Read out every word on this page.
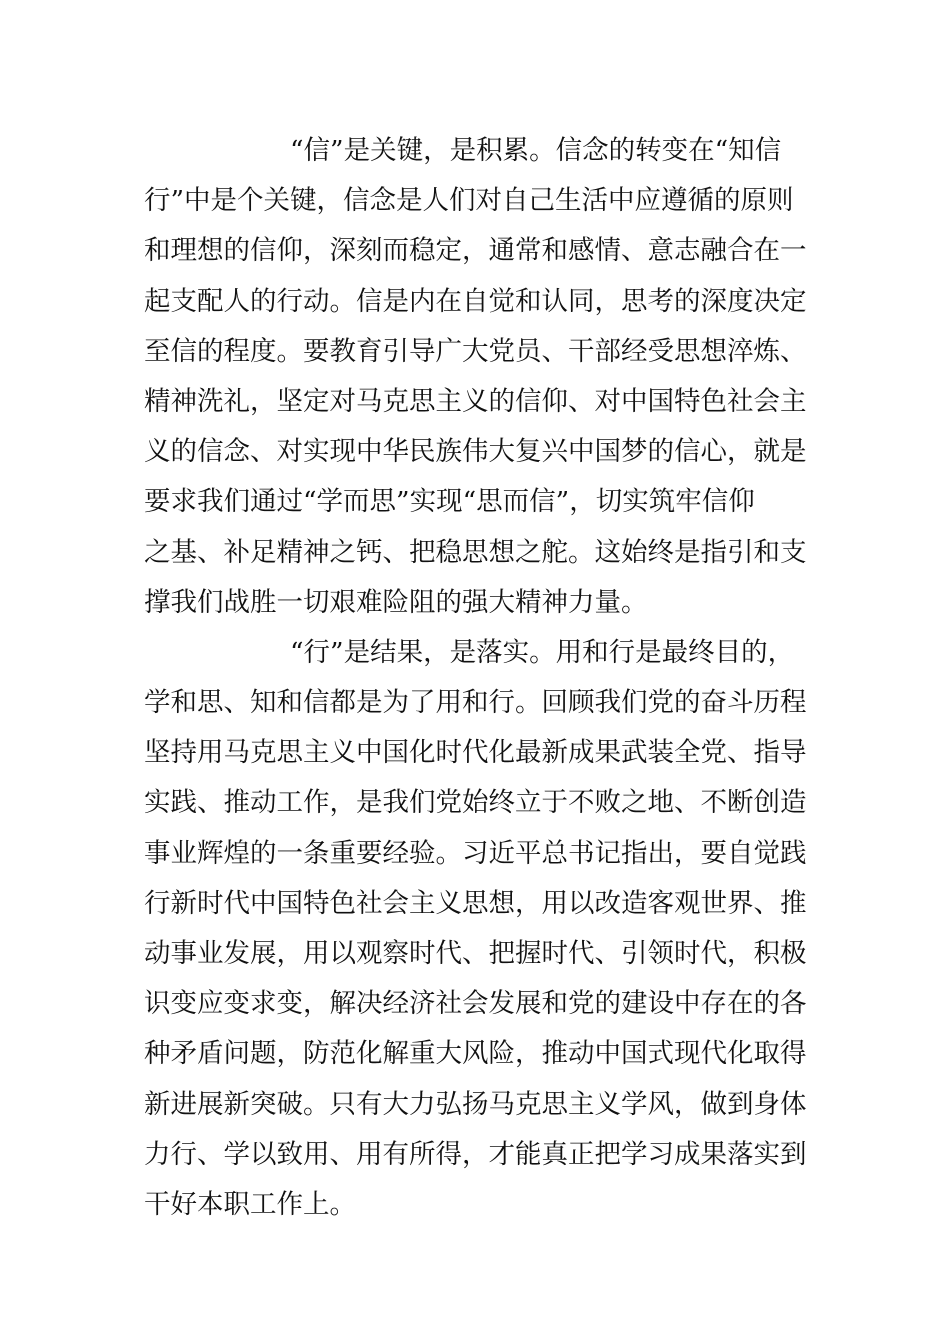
“信”是关键，是积累。信念的转变在“知信
行”中是个关键，信念是人们对自己生活中应遵循的原则
和理想的信仰，深刻而稳定，通常和感情、意志融合在一
起支配人的行动。信是内在自觉和认同，思考的深度决定
至信的程度。要教育引导广大党员、干部经受思想淬炼、
精神洗礼，坚定对马克思主义的信仰、对中国特色社会主
义的信念、对实现中华民族伟大复兴中国梦的信心，就是
要求我们通过“学而思”实现“思而信”，切实筑牢信仰
之基、补足精神之钙、把稳思想之舵。这始终是指引和支
撑我们战胜一切艰难险阻的强大精神力量。
“行”是结果，是落实。用和行是最终目的，
学和思、知和信都是为了用和行。回顾我们党的奋斗历程
坚持用马克思主义中国化时代化最新成果武装全党、指导
实践、推动工作，是我们党始终立于不败之地、不断创造
事业辉煌的一条重要经验。习近平总书记指出，要自觉践
行新时代中国特色社会主义思想，用以改造客观世界、推
动事业发展，用以观察时代、把握时代、引领时代，积极
识变应变求变，解决经济社会发展和党的建设中存在的各
种矛盾问题，防范化解重大风险，推动中国式现代化取得
新进展新突破。只有大力弘扬马克思主义学风，做到身体
力行、学以致用、用有所得，才能真正把学习成果落实到
干好本职工作上。
